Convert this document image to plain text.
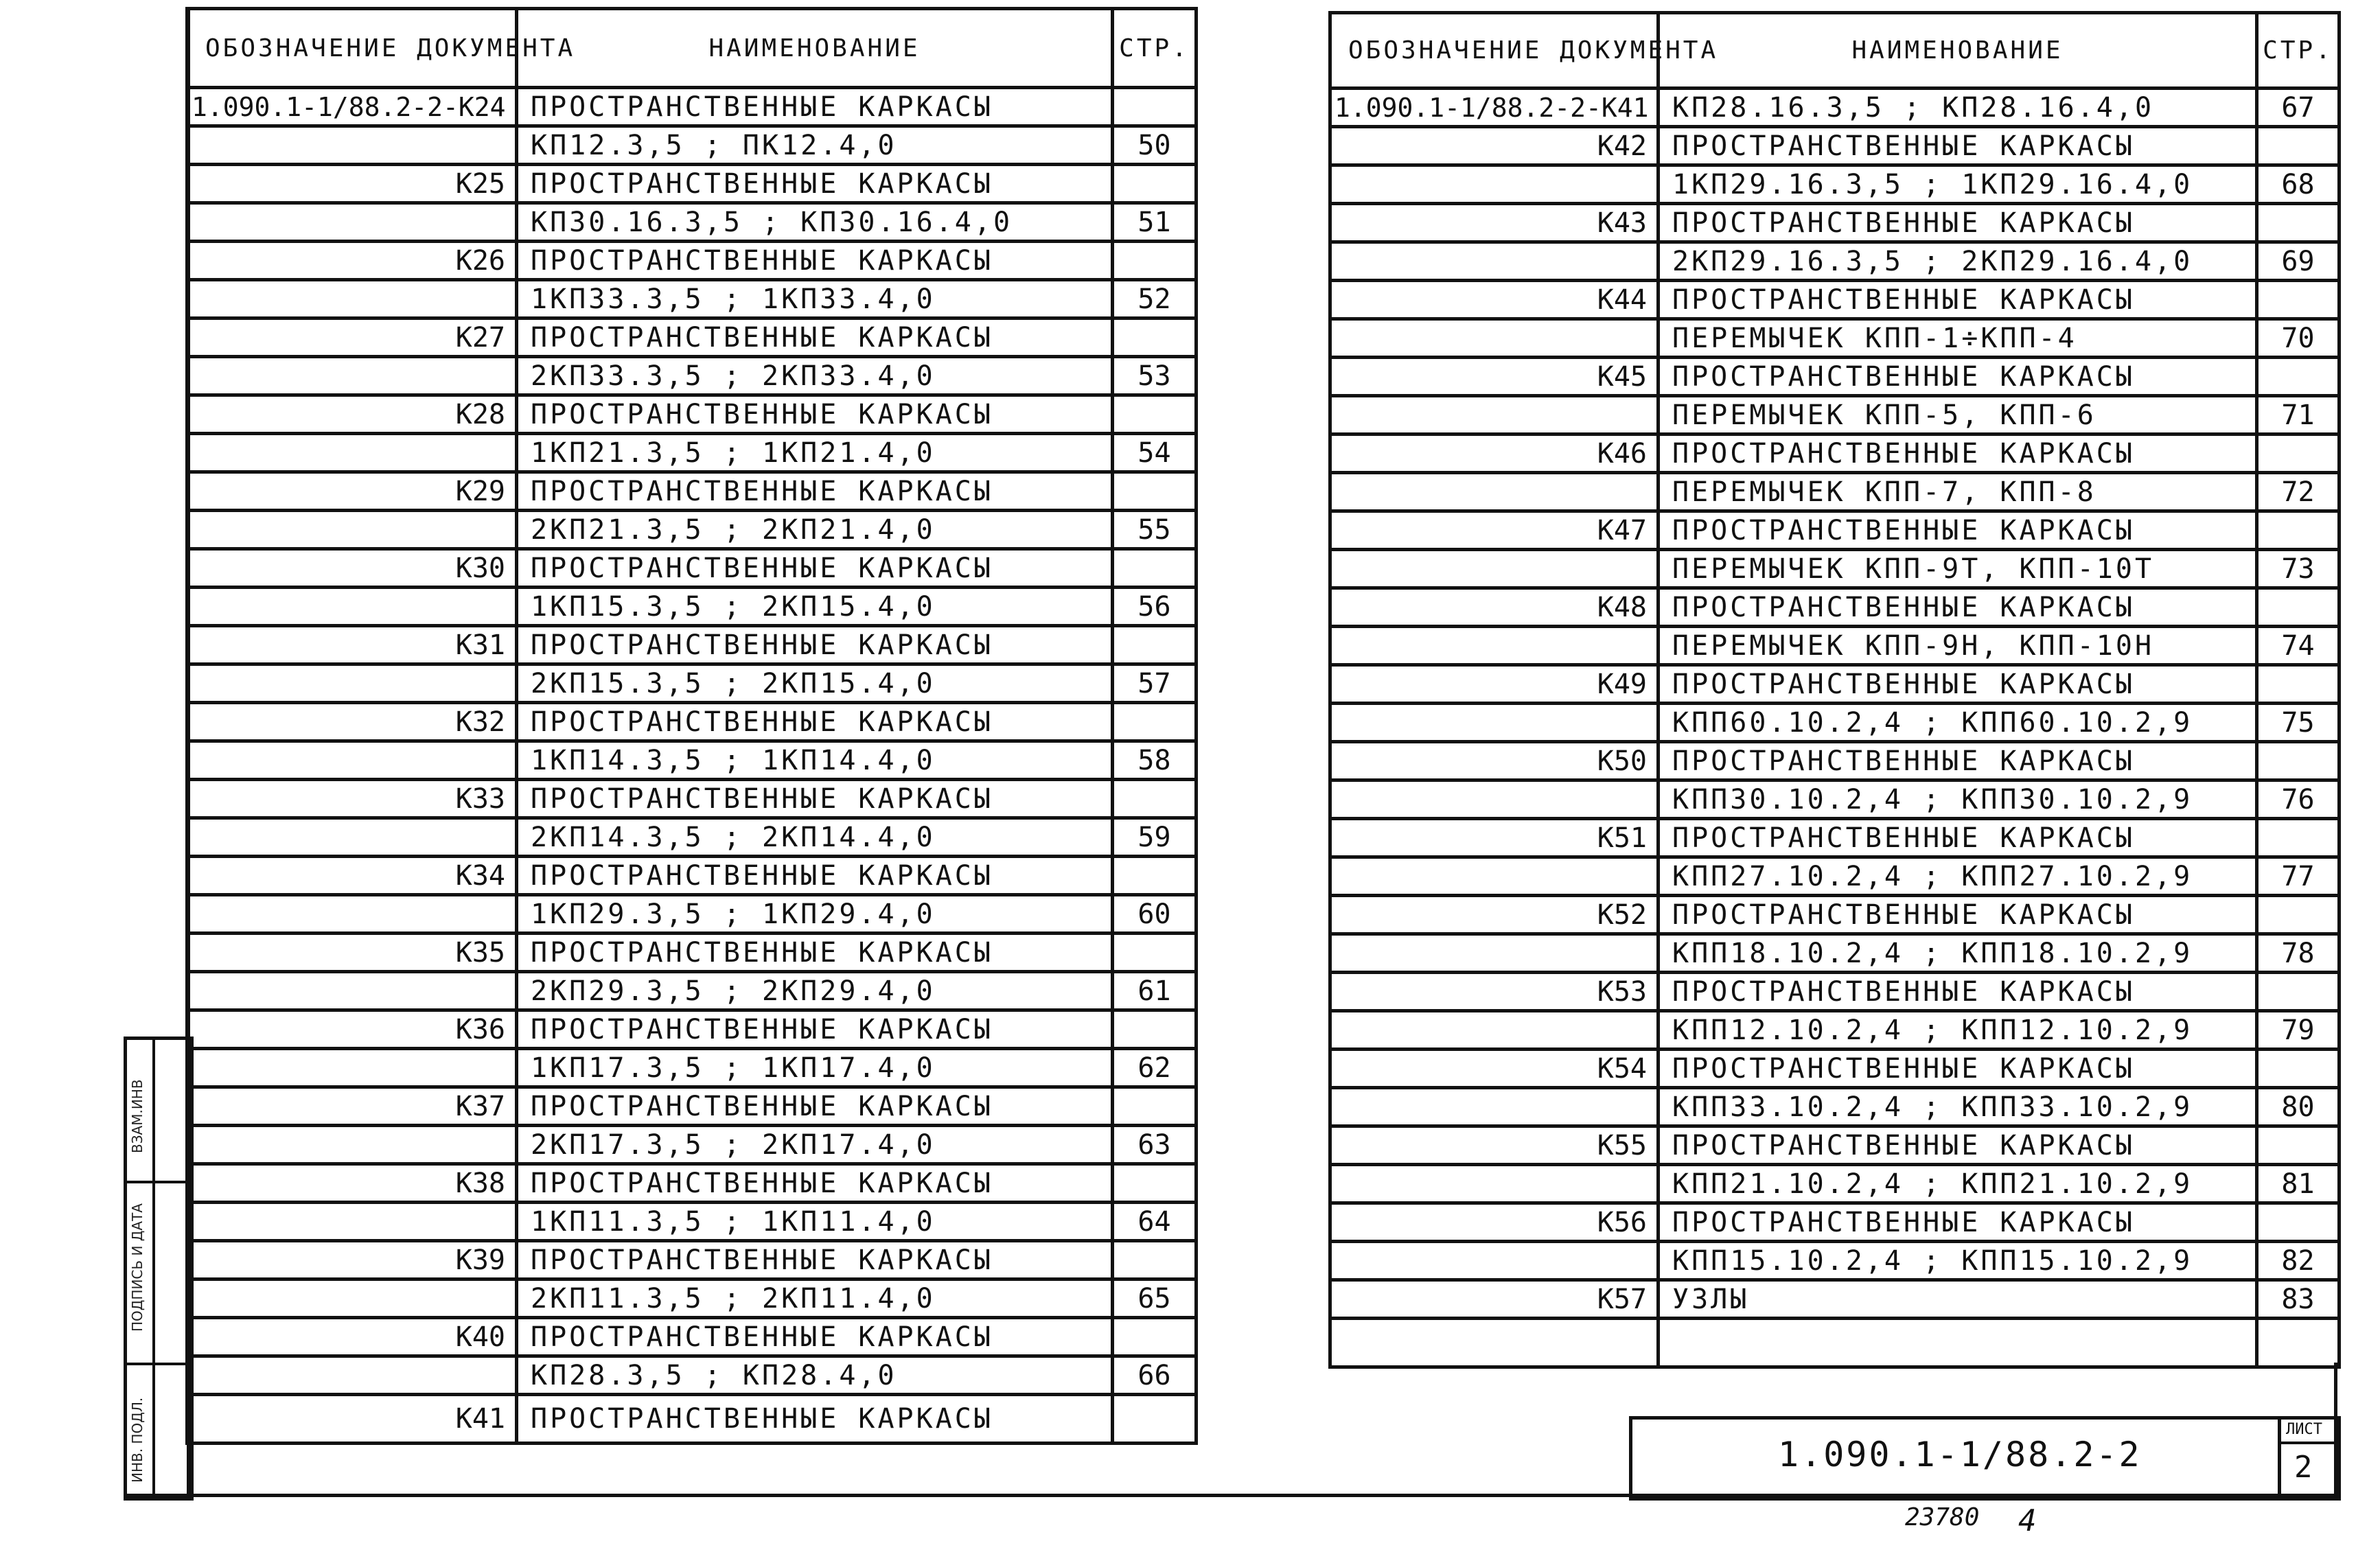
ОБОЗНАЧЕНИЕ ДОКУМЕНТА	НАИМЕНОВАНИЕ	СТР.
1.090.1-1/88.2-2-К24	ПРОСТРАНСТВЕННЫЕ КАРКАСЫ	
	КП12.3,5 ; ПК12.4,0	50
К25	ПРОСТРАНСТВЕННЫЕ КАРКАСЫ	
	КП30.16.3,5 ; КП30.16.4,0	51
К26	ПРОСТРАНСТВЕННЫЕ КАРКАСЫ	
	1КП33.3,5 ; 1КП33.4,0	52
К27	ПРОСТРАНСТВЕННЫЕ КАРКАСЫ	
	2КП33.3,5 ; 2КП33.4,0	53
К28	ПРОСТРАНСТВЕННЫЕ КАРКАСЫ	
	1КП21.3,5 ; 1КП21.4,0	54
К29	ПРОСТРАНСТВЕННЫЕ КАРКАСЫ	
	2КП21.3,5 ; 2КП21.4,0	55
К30	ПРОСТРАНСТВЕННЫЕ КАРКАСЫ	
	1КП15.3,5 ; 2КП15.4,0	56
К31	ПРОСТРАНСТВЕННЫЕ КАРКАСЫ	
	2КП15.3,5 ; 2КП15.4,0	57
К32	ПРОСТРАНСТВЕННЫЕ КАРКАСЫ	
	1КП14.3,5 ; 1КП14.4,0	58
К33	ПРОСТРАНСТВЕННЫЕ КАРКАСЫ	
	2КП14.3,5 ; 2КП14.4,0	59
К34	ПРОСТРАНСТВЕННЫЕ КАРКАСЫ	
	1КП29.3,5 ; 1КП29.4,0	60
К35	ПРОСТРАНСТВЕННЫЕ КАРКАСЫ	
	2КП29.3,5 ; 2КП29.4,0	61
К36	ПРОСТРАНСТВЕННЫЕ КАРКАСЫ	
	1КП17.3,5 ; 1КП17.4,0	62
К37	ПРОСТРАНСТВЕННЫЕ КАРКАСЫ	
	2КП17.3,5 ; 2КП17.4,0	63
К38	ПРОСТРАНСТВЕННЫЕ КАРКАСЫ	
	1КП11.3,5 ; 1КП11.4,0	64
К39	ПРОСТРАНСТВЕННЫЕ КАРКАСЫ	
	2КП11.3,5 ; 2КП11.4,0	65
К40	ПРОСТРАНСТВЕННЫЕ КАРКАСЫ	
	КП28.3,5 ; КП28.4,0	66
К41	ПРОСТРАНСТВЕННЫЕ КАРКАСЫ	
ОБОЗНАЧЕНИЕ ДОКУМЕНТА	НАИМЕНОВАНИЕ	СТР.
1.090.1-1/88.2-2-К41	КП28.16.3,5 ; КП28.16.4,0	67
К42	ПРОСТРАНСТВЕННЫЕ КАРКАСЫ	
	1КП29.16.3,5 ; 1КП29.16.4,0	68
К43	ПРОСТРАНСТВЕННЫЕ КАРКАСЫ	
	2КП29.16.3,5 ; 2КП29.16.4,0	69
К44	ПРОСТРАНСТВЕННЫЕ КАРКАСЫ	
	ПЕРЕМЫЧЕК КПП-1÷КПП-4	70
К45	ПРОСТРАНСТВЕННЫЕ КАРКАСЫ	
	ПЕРЕМЫЧЕК КПП-5, КПП-6	71
К46	ПРОСТРАНСТВЕННЫЕ КАРКАСЫ	
	ПЕРЕМЫЧЕК КПП-7, КПП-8	72
К47	ПРОСТРАНСТВЕННЫЕ КАРКАСЫ	
	ПЕРЕМЫЧЕК КПП-9Т, КПП-10Т	73
К48	ПРОСТРАНСТВЕННЫЕ КАРКАСЫ	
	ПЕРЕМЫЧЕК КПП-9Н, КПП-10Н	74
К49	ПРОСТРАНСТВЕННЫЕ КАРКАСЫ	
	КПП60.10.2,4 ; КПП60.10.2,9	75
К50	ПРОСТРАНСТВЕННЫЕ КАРКАСЫ	
	КПП30.10.2,4 ; КПП30.10.2,9	76
К51	ПРОСТРАНСТВЕННЫЕ КАРКАСЫ	
	КПП27.10.2,4 ; КПП27.10.2,9	77
К52	ПРОСТРАНСТВЕННЫЕ КАРКАСЫ	
	КПП18.10.2,4 ; КПП18.10.2,9	78
К53	ПРОСТРАНСТВЕННЫЕ КАРКАСЫ	
	КПП12.10.2,4 ; КПП12.10.2,9	79
К54	ПРОСТРАНСТВЕННЫЕ КАРКАСЫ	
	КПП33.10.2,4 ; КПП33.10.2,9	80
К55	ПРОСТРАНСТВЕННЫЕ КАРКАСЫ	
	КПП21.10.2,4 ; КПП21.10.2,9	81
К56	ПРОСТРАНСТВЕННЫЕ КАРКАСЫ	
	КПП15.10.2,4 ; КПП15.10.2,9	82
К57	УЗЛЫ	83

ВЗАМ.ИНВ
ПОДПИСЬ И ДАТА
ИНВ. ПОДЛ.	1.090.1-1/88.2-2
ЛИСТ
2
23780 4
